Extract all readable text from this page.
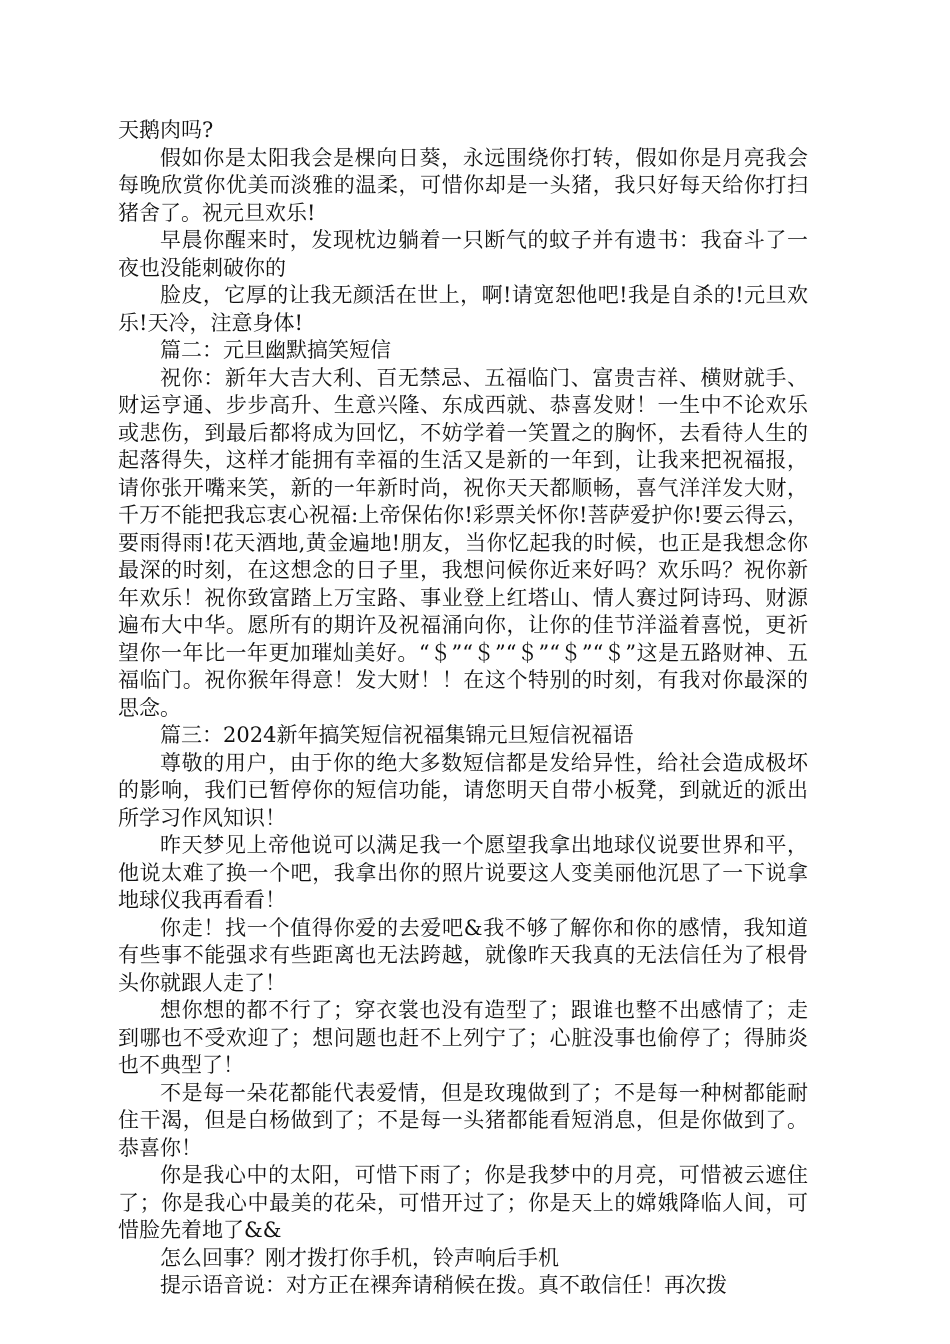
天鹅肉吗?

假如你是太阳我会是棵向日葵，永远围绕你打转，假如你是月亮我会每晚欣赏你优美而淡雅的温柔，可惜你却是一头猪，我只好每天给你打扫猪舍了。祝元旦欢乐!

早晨你醒来时，发现枕边躺着一只断气的蚊子并有遗书：我奋斗了一夜也没能刺破你的

脸皮，它厚的让我无颜活在世上，啊!请宽恕他吧!我是自杀的!元旦欢乐!天冷，注意身体!

篇二：元旦幽默搞笑短信

祝你：新年大吉大利、百无禁忌、五福临门、富贵吉祥、横财就手、财运亨通、步步高升、生意兴隆、东成西就、恭喜发财！一生中不论欢乐或悲伤，到最后都将成为回忆，不妨学着一笑置之的胸怀，去看待人生的起落得失，这样才能拥有幸福的生活又是新的一年到，让我来把祝福报，请你张开嘴来笑，新的一年新时尚，祝你天天都顺畅，喜气洋洋发大财，千万不能把我忘衷心祝福:上帝保佑你!彩票关怀你!菩萨爱护你!要云得云，要雨得雨!花天酒地,黄金遍地!朋友，当你忆起我的时候，也正是我想念你最深的时刻，在这想念的日子里，我想问候你近来好吗？欢乐吗？祝你新年欢乐！祝你致富踏上万宝路、事业登上红塔山、情人赛过阿诗玛、财源遍布大中华。愿所有的期许及祝福涌向你，让你的佳节洋溢着喜悦，更祈望你一年比一年更加璀灿美好。“＄”“＄”“＄”“＄”“＄”这是五路财神、五福临门。祝你猴年得意！发大财！！在这个特别的时刻，有我对你最深的思念。

篇三：2024新年搞笑短信祝福集锦元旦短信祝福语

尊敬的用户，由于你的绝大多数短信都是发给异性，给社会造成极坏的影响，我们已暂停你的短信功能，请您明天自带小板凳，到就近的派出所学习作风知识！

昨天梦见上帝他说可以满足我一个愿望我拿出地球仪说要世界和平，他说太难了换一个吧，我拿出你的照片说要这人变美丽他沉思了一下说拿地球仪我再看看！

你走！找一个值得你爱的去爱吧&我不够了解你和你的感情，我知道有些事不能强求有些距离也无法跨越，就像昨天我真的无法信任为了根骨头你就跟人走了！

想你想的都不行了；穿衣裳也没有造型了；跟谁也整不出感情了；走到哪也不受欢迎了；想问题也赶不上列宁了；心脏没事也偷停了；得肺炎也不典型了！

不是每一朵花都能代表爱情，但是玫瑰做到了；不是每一种树都能耐住干渴，但是白杨做到了；不是每一头猪都能看短消息，但是你做到了。恭喜你！

你是我心中的太阳，可惜下雨了；你是我梦中的月亮，可惜被云遮住了；你是我心中最美的花朵，可惜开过了；你是天上的嫦娥降临人间，可惜脸先着地了&&

怎么回事？刚才拨打你手机，铃声响后手机

提示语音说：对方正在裸奔请稍候在拨。真不敢信任！再次拨
